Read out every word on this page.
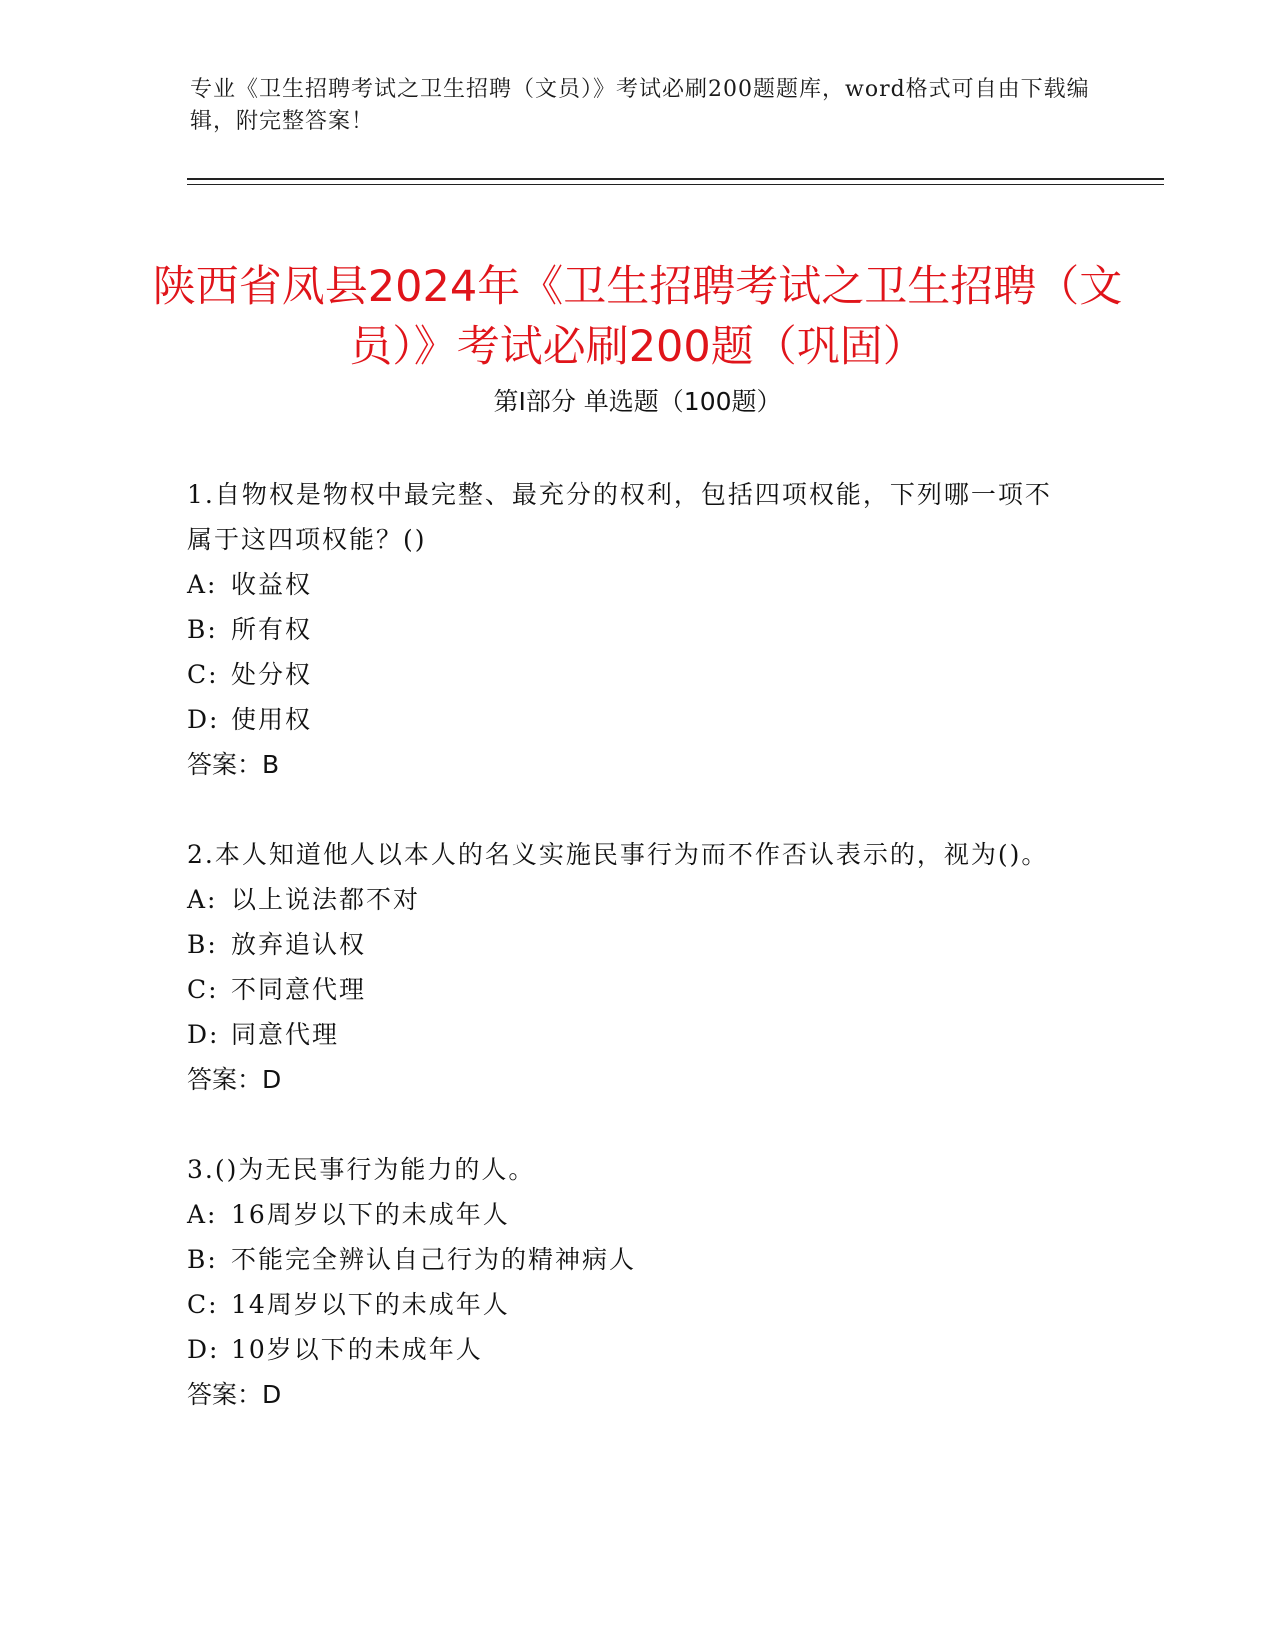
专业《卫生招聘考试之卫生招聘（文员）》考试必刷200题题库，word格式可自由下载编辑，附完整答案！
陕西省凤县2024年《卫生招聘考试之卫生招聘（文员）》考试必刷200题（巩固）
第Ⅰ部分 单选题（100题）
1.自物权是物权中最完整、最充分的权利，包括四项权能，下列哪一项不属于这四项权能？()
A: 收益权
B: 所有权
C: 处分权
D: 使用权
答案：B
2.本人知道他人以本人的名义实施民事行为而不作否认表示的，视为()。
A: 以上说法都不对
B: 放弃追认权
C: 不同意代理
D: 同意代理
答案：D
3.()为无民事行为能力的人。
A: 16周岁以下的未成年人
B: 不能完全辨认自己行为的精神病人
C: 14周岁以下的未成年人
D: 10岁以下的未成年人
答案：D
